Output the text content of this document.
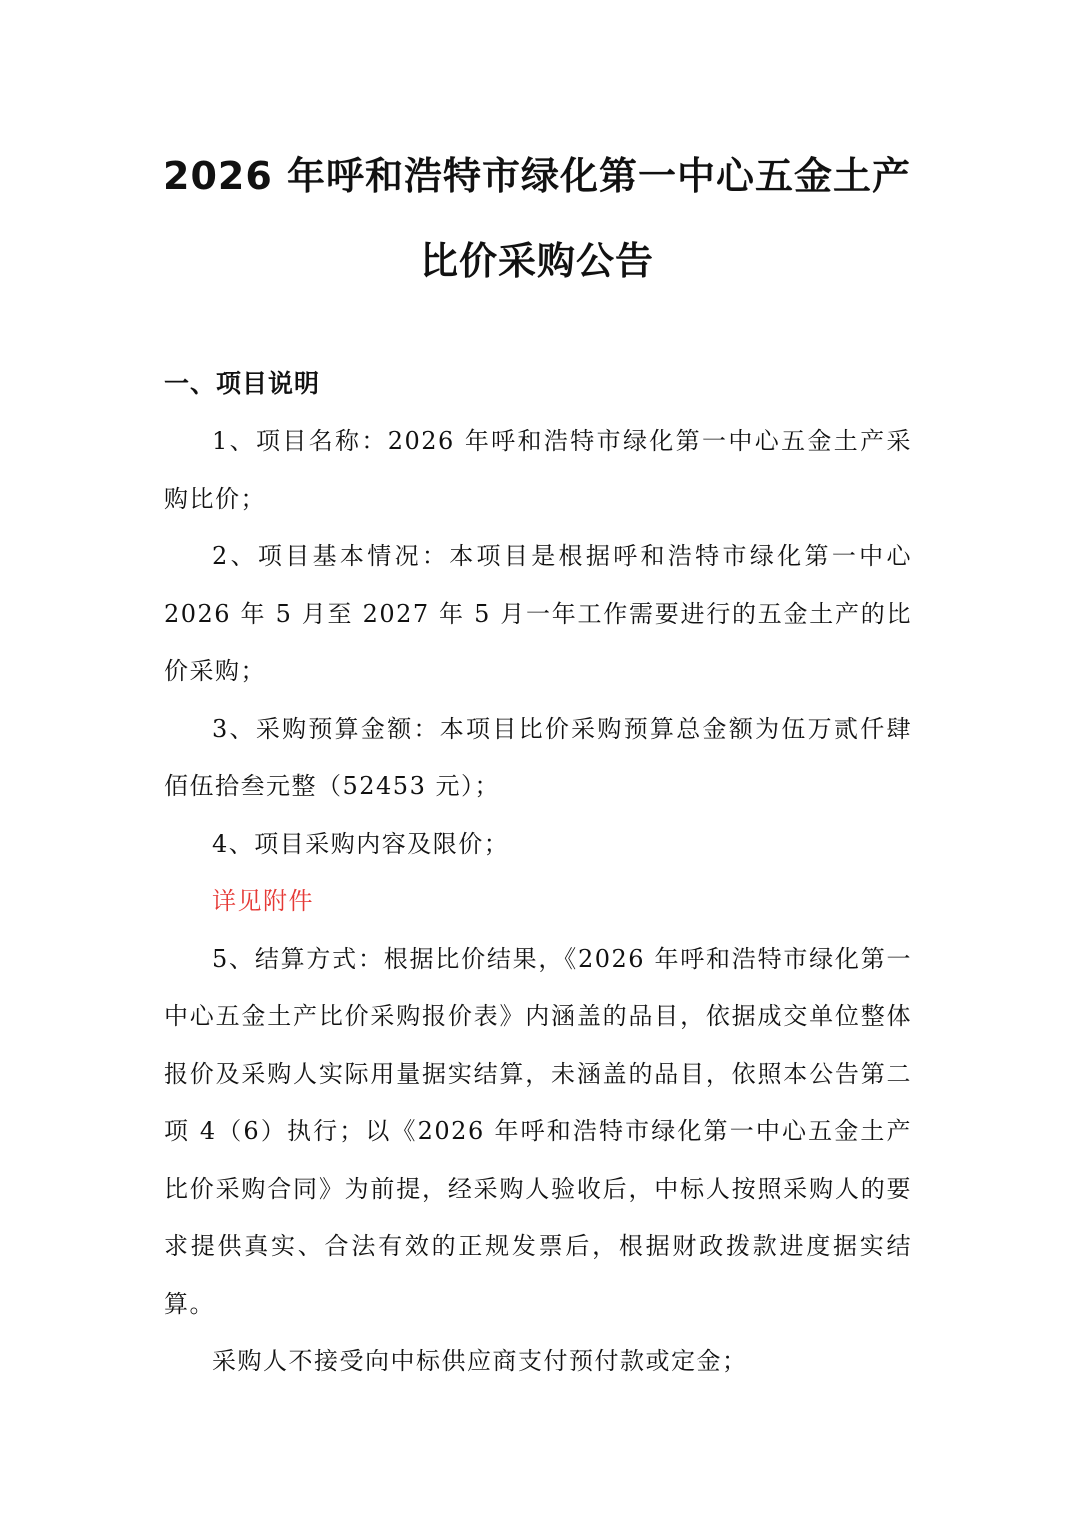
2026 年呼和浩特市绿化第一中心五金土产
比价采购公告
一、项目说明

1、项目名称：2026 年呼和浩特市绿化第一中心五金土产采购比价；

2、项目基本情况：本项目是根据呼和浩特市绿化第一中心 2026 年 5 月至 2027 年 5 月一年工作需要进行的五金土产的比价采购；

3、采购预算金额：本项目比价采购预算总金额为伍万贰仟肆佰伍拾叁元整（52453 元）；

4、项目采购内容及限价；

详见附件

5、结算方式：根据比价结果，《2026 年呼和浩特市绿化第一中心五金土产比价采购报价表》内涵盖的品目，依据成交单位整体报价及采购人实际用量据实结算，未涵盖的品目，依照本公告第二项 4（6）执行；以《2026 年呼和浩特市绿化第一中心五金土产比价采购合同》为前提，经采购人验收后，中标人按照采购人的要求提供真实、合法有效的正规发票后，根据财政拨款进度据实结算。

采购人不接受向中标供应商支付预付款或定金；
